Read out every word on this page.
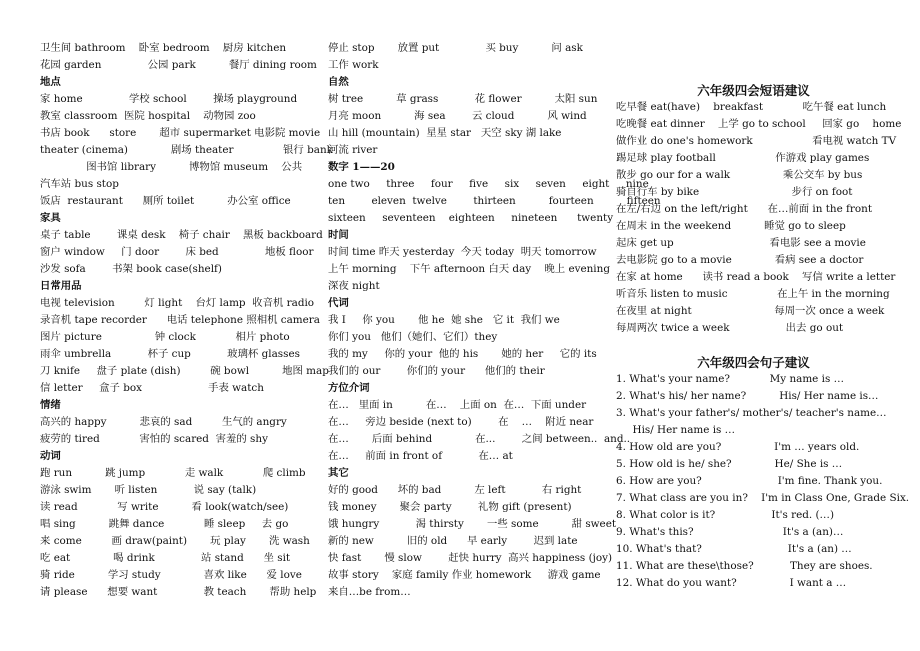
卫生间 bathroom    卧室 bedroom    厨房 kitchen
花园 garden              公园 park          餐厅 dining room
地点
家 home              学校 school        操场 playground
教室 classroom  医院 hospital    动物园 zoo
书店 book      store       超市 supermarket 电影院 movie
theater (cinema)             剧场 theater               银行 bank
图书馆 library          博物馆 museum    公共
汽车站 bus stop
饭店  restaurant      厕所 toilet          办公室 office
家具
桌子 table        课桌 desk    椅子 chair    黑板 backboard
窗户 window     门 door        床 bed              地板 floor
沙发 sofa        书架 book case(shelf)
日常用品
电视 television         灯 light    台灯 lamp  收音机 radio
录音机 tape recorder      电话 telephone 照相机 camera
图片 picture                钟 clock            相片 photo
雨伞 umbrella           杯子 cup           玻璃杯 glasses
刀 knife     盘子 plate (dish)         碗 bowl          地图 map
信 letter     盒子 box                    手表 watch
情绪
高兴的 happy          悲哀的 sad         生气的 angry
疲劳的 tired            害怕的 scared  害羞的 shy
动词
跑 run          跳 jump            走 walk            爬 climb
游泳 swim       听 listen           说 say (talk)
读 read            写 write          看 look(watch/see)
唱 sing          跳舞 dance            睡 sleep     去 go
来 come         画 draw(paint)       玩 play       洗 wash
吃 eat             喝 drink              站 stand      坐 sit
骑 ride          学习 study             喜欢 like      爱 love
请 please      想要 want              教 teach       帮助 help
停止 stop       放置 put              买 buy          问 ask
工作 work
自然
树 tree          草 grass           花 flower          太阳 sun
月亮 moon          海 sea        云 cloud          风 wind
山 hill (mountain)  星星 star   天空 sky 湖 lake
河流 river
数字 1——20
one two     three     four     five     six     seven     eight     nine
ten        eleven  twelve        thirteen          fourteen          fifteen
sixteen     seventeen    eighteen     nineteen      twenty
时间
时间 time 昨天 yesterday  今天 today  明天 tomorrow
上午 morning    下午 afternoon 白天 day    晚上 evening
深夜 night
代词
我 I     你 you       他 he  她 she   它 it  我们 we
你们 you   他们（她们、它们）they
我的 my     你的 your  他的 his       她的 her     它的 its
我们的 our        你们的 your      他们的 their
方位介词
在…   里面 in          在…    上面 on  在…  下面 under
在…     旁边 beside (next to)        在    …    附近 near
在…       后面 behind             在...        之间 between..  and..
在…     前面 in front of           在… at
其它
好的 good      坏的 bad          左 left           右 right
钱 money       聚会 party        礼物 gift (present)
饿 hungry           渴 thirsty       一些 some          甜 sweet
新的 new          旧的 old      早 early        迟到 late
快 fast       慢 slow        赶快 hurry  高兴 happiness (joy)
故事 story    家庭 family 作业 homework     游戏 game
来自…be from…
六年级四会短语建议
吃早餐 eat(have)    breakfast            吃午餐 eat lunch
吃晚餐 eat dinner    上学 go to school     回家 go    home
做作业 do one's homework                  看电视 watch TV
踢足球 play football                  作游戏 play games
散步 go our for a walk                乘公交车 by bus
骑自行车 by bike                            步行 on foot
在左/右边 on the left/right      在…前面 in the front
在周末 in the weekend          睡觉 go to sleep
起床 get up                             看电影 see a movie
去电影院 go to a movie             看病 see a doctor
在家 at home      读书 read a book    写信 write a letter
听音乐 listen to music               在上午 in the morning
在夜里 at night                         每周一次 once a week
每周两次 twice a week                 出去 go out
六年级四会句子建议
1. What's your name?            My name is …
2. What's his/ her name?          His/ Her name is…
3. What's your father's/ mother's/ teacher's name…
His/ Her name is …
4. How old are you?                I'm … years old.
5. How old is he/ she?             He/ She is …
6. How are you?                       I'm fine. Thank you.
7. What class are you in?    I'm in Class One, Grade Six.
8. What color is it?                 It's red. (…)
9. What's this?                           It's a (an)…
10. What's that?                          It's a (an) …
11. What are these\those?           They are shoes.
12. What do you want?                I want a …
